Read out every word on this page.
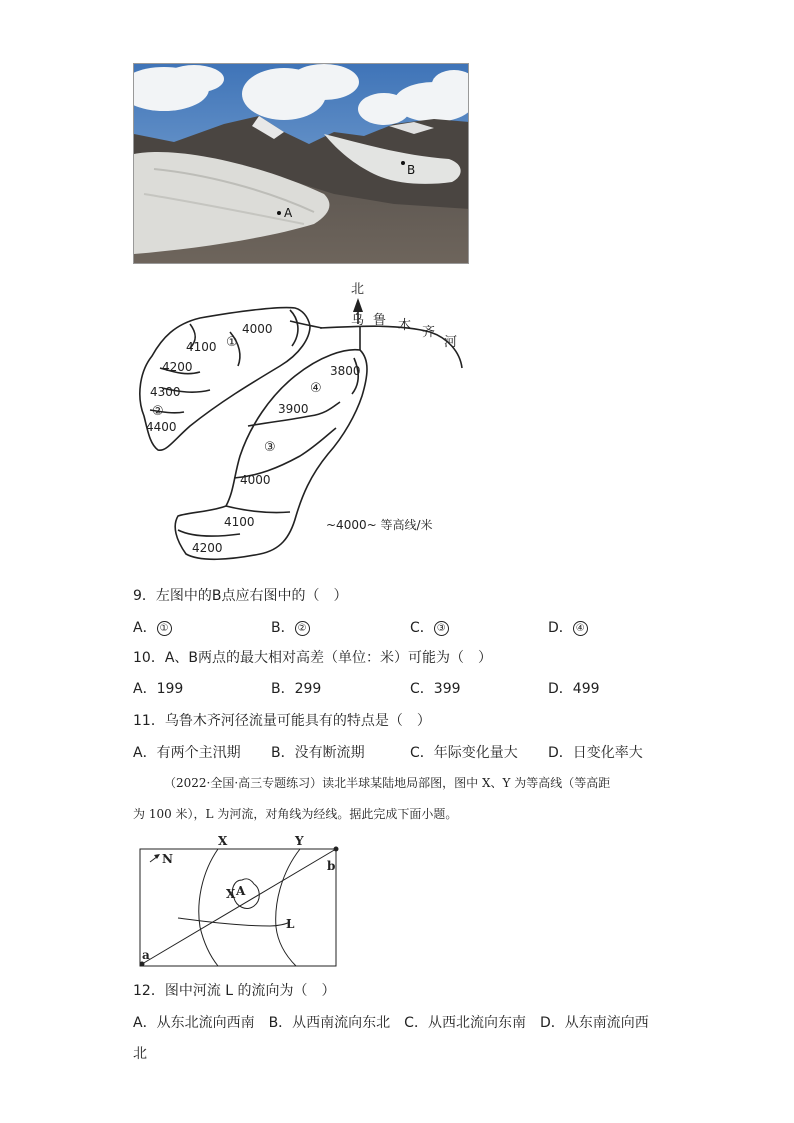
A
B
北
乌 鲁 木 齐
河
①
②
③
④
4000
4100
4200
4300
4400
3800
3900
4000
4100
4200
~4000~ 等高线/米
9．左图中的B点应右图中的（　）
A． ①	B． ②	C． ③	D． ④
10．A、B两点的最大相对高差（单位：米）可能为（　）
A．199	B．299	C．399	D．499
11．乌鲁木齐河径流量可能具有的特点是（　）
A．有两个主汛期 B．没有断流期	C．年际变化量大 D．日变化率大
（2022·全国·高三专题练习）读北半球某陆地局部图，图中 X、Y 为等高线（等高距
为 100 米），L 为河流，对角线为经线。据此完成下面小题。
N
X	Y
X A
L
a
b
12．图中河流 L 的流向为（　）
A．从东北流向西南　B．从西南流向东北　C．从西北流向东南　D．从东南流向西
北
